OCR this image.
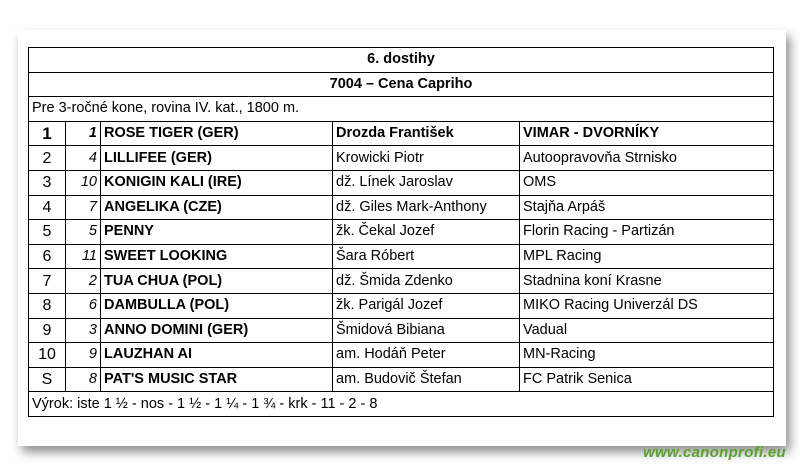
6. dostihy				
7004 – Cena Capriho				
Pre 3-ročné kone, rovina IV. kat., 1800 m.				
1	1	ROSE TIGER (GER)	Drozda František	VIMAR - DVORNÍKY
2	4	LILLIFEE (GER)	Krowicki Piotr	Autoopravovňa Strnisko
3	10	KONIGIN KALI (IRE)	dž. Línek Jaroslav	OMS
4	7	ANGELIKA (CZE)	dž. Giles Mark-Anthony	Stajňa Arpáš
5	5	PENNY	žk. Čekal Jozef	Florin Racing - Partizán
6	11	SWEET LOOKING	Šara Róbert	MPL Racing
7	2	TUA CHUA (POL)	dž. Šmida Zdenko	Stadnina koní Krasne
8	6	DAMBULLA (POL)	žk. Parigál Jozef	MIKO Racing Univerzál DS
9	3	ANNO DOMINI (GER)	Šmidová Bibiana	Vadual
10	9	LAUZHAN AI	am. Hodáň Peter	MN-Racing
S	8	PAT'S MUSIC STAR	am. Budovič Štefan	FC Patrik Senica
Výrok: iste 1 ½ - nos - 1 ½ - 1 ¼ - 1 ¾ - krk - 11 - 2 - 8				
www.canonprofi.eu
